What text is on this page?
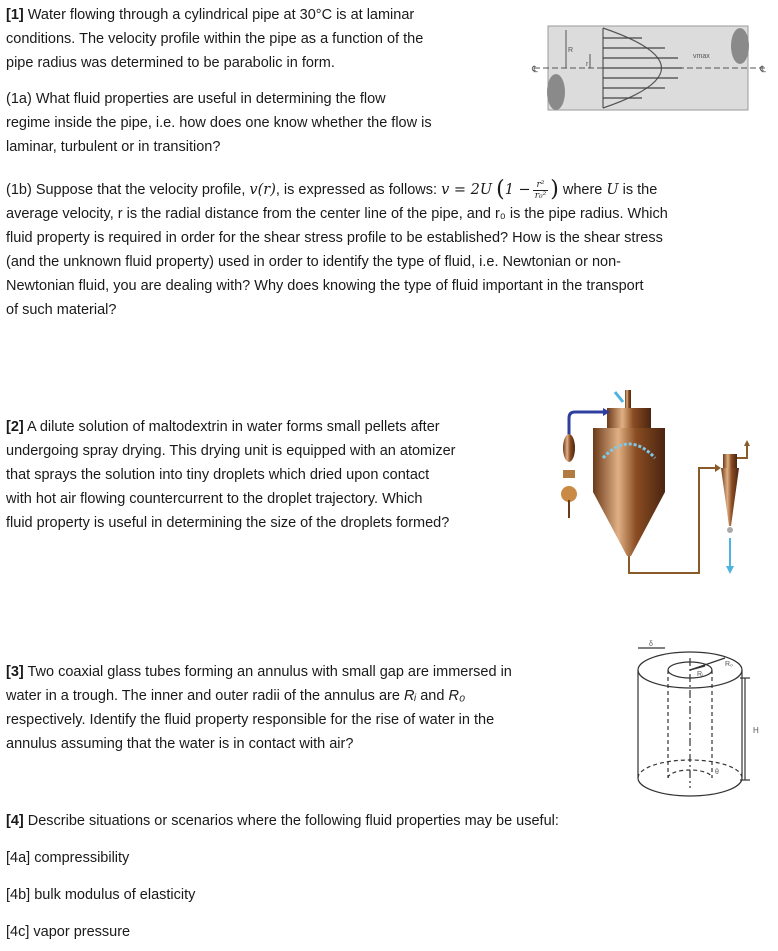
[1] Water flowing through a cylindrical pipe at 30°C is at laminar

conditions. The velocity profile within the pipe as a function of the

pipe radius was determined to be parabolic in form.

(1a) What fluid properties are useful in determining the flow

regime inside the pipe, i.e. how does one know whether the flow is

laminar, turbulent or in transition?

R
r
vmax
℄	℄

(1b) Suppose that the velocity profile, v(r), is expressed as follows: v = 2U ($1 - \frac{\text{r²}}{\text{r₀²}}$ ) where U is the

average velocity, r is the radial distance from the center line of the pipe, and r₀ is the pipe radius. Which

fluid property is required in order for the shear stress profile to be established? How is the shear stress

(and the unknown fluid property) used in order to identify the type of fluid, i.e. Newtonian or non-

Newtonian fluid, you are dealing with? Why does knowing the type of fluid important in the transport

of such material?

[2] A dilute solution of maltodextrin in water forms small pellets after

undergoing spray drying. This drying unit is equipped with an atomizer

that sprays the solution into tiny droplets which dried upon contact

with hot air flowing countercurrent to the droplet trajectory. Which

fluid property is useful in determining the size of the droplets formed?

[3] Two coaxial glass tubes forming an annulus with small gap are immersed in

water in a trough. The inner and outer radii of the annulus are Rᵢ and R₀

respectively. Identify the fluid property responsible for the rise of water in the

annulus assuming that the water is in contact with air?

Rᵢ
R₀
H
θ
δ

[4] Describe situations or scenarios where the following fluid properties may be useful:

[4a] compressibility

[4b] bulk modulus of elasticity

[4c] vapor pressure
